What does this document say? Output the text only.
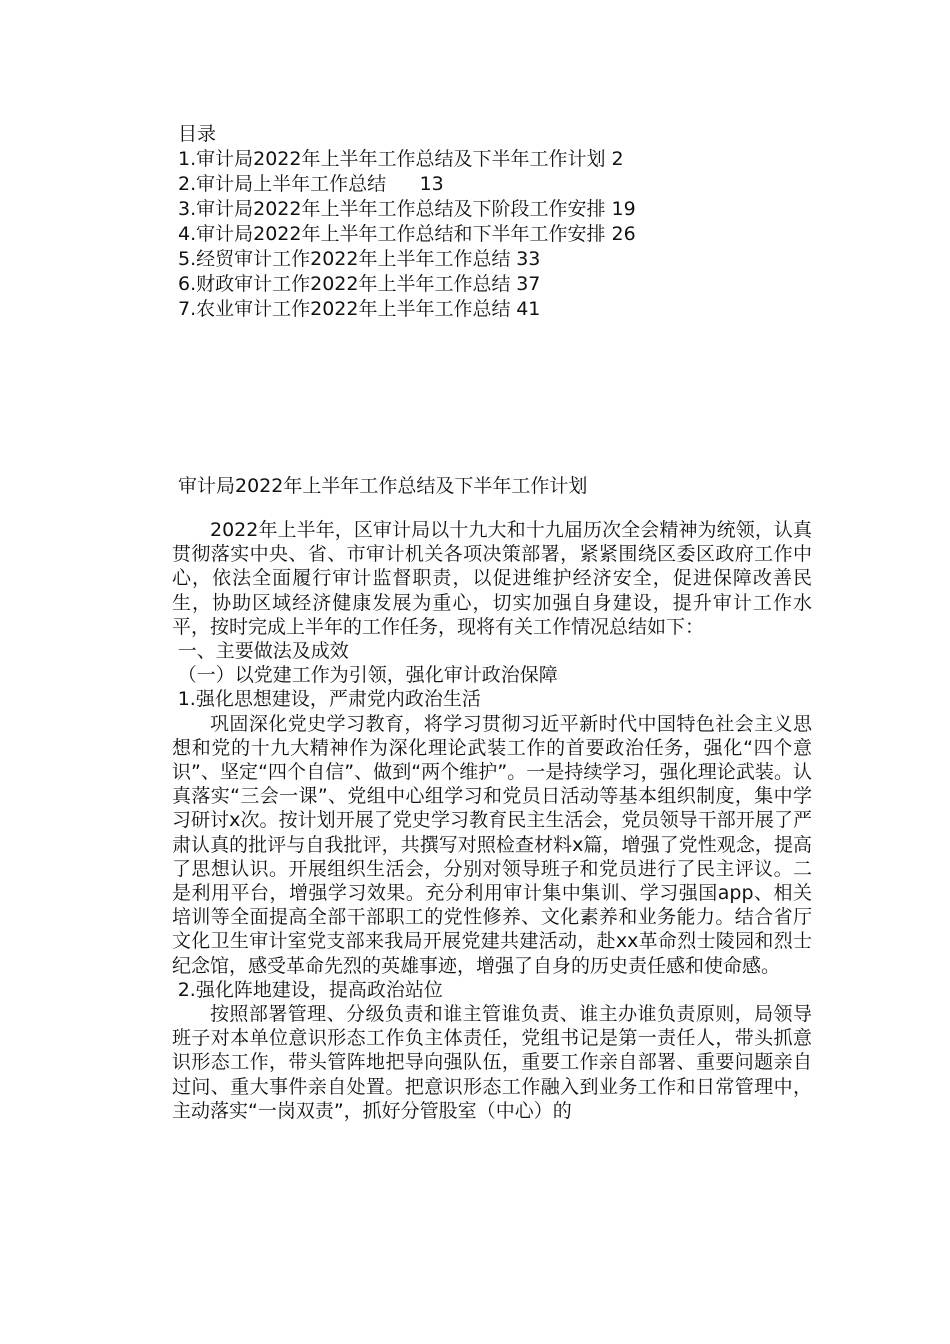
目录
1.审计局2022年上半年工作总结及下半年工作计划 2
2.审计局上半年工作总结	13
3.审计局2022年上半年工作总结及下阶段工作安排 19
4.审计局2022年上半年工作总结和下半年工作安排 26
5.经贸审计工作2022年上半年工作总结	33
6.财政审计工作2022年上半年工作总结	37
7.农业审计工作2022年上半年工作总结	41
审计局2022年上半年工作总结及下半年工作计划

2022年上半年，区审计局以十九大和十九届历次全会精神为统领，认真贯彻落实中央、省、市审计机关各项决策部署，紧紧围绕区委区政府工作中心，依法全面履行审计监督职责，以促进维护经济安全，促进保障改善民生，协助区域经济健康发展为重心，切实加强自身建设，提升审计工作水平，按时完成上半年的工作任务，现将有关工作情况总结如下：

一、主要做法及成效

（一）以党建工作为引领，强化审计政治保障

1.强化思想建设，严肃党内政治生活

巩固深化党史学习教育，将学习贯彻习近平新时代中国特色社会主义思想和党的十九大精神作为深化理论武装工作的首要政治任务，强化“四个意识”、坚定“四个自信”、做到“两个维护”。一是持续学习，强化理论武装。认真落实“三会一课”、党组中心组学习和党员日活动等基本组织制度，集中学习研讨x次。按计划开展了党史学习教育民主生活会，党员领导干部开展了严肃认真的批评与自我批评，共撰写对照检查材料x篇，增强了党性观念，提高了思想认识。开展组织生活会，分别对领导班子和党员进行了民主评议。二是利用平台，增强学习效果。充分利用审计集中集训、学习强国app、相关培训等全面提高全部干部职工的党性修养、文化素养和业务能力。结合省厅文化卫生审计室党支部来我局开展党建共建活动，赴xx革命烈士陵园和烈士纪念馆，感受革命先烈的英雄事迹，增强了自身的历史责任感和使命感。

2.强化阵地建设，提高政治站位

按照部署管理、分级负责和谁主管谁负责、谁主办谁负责原则，局领导班子对本单位意识形态工作负主体责任，党组书记是第一责任人，带头抓意识形态工作，带头管阵地把导向强队伍，重要工作亲自部署、重要问题亲自过问、重大事件亲自处置。把意识形态工作融入到业务工作和日常管理中，主动落实“一岗双责”，抓好分管股室（中心）的
